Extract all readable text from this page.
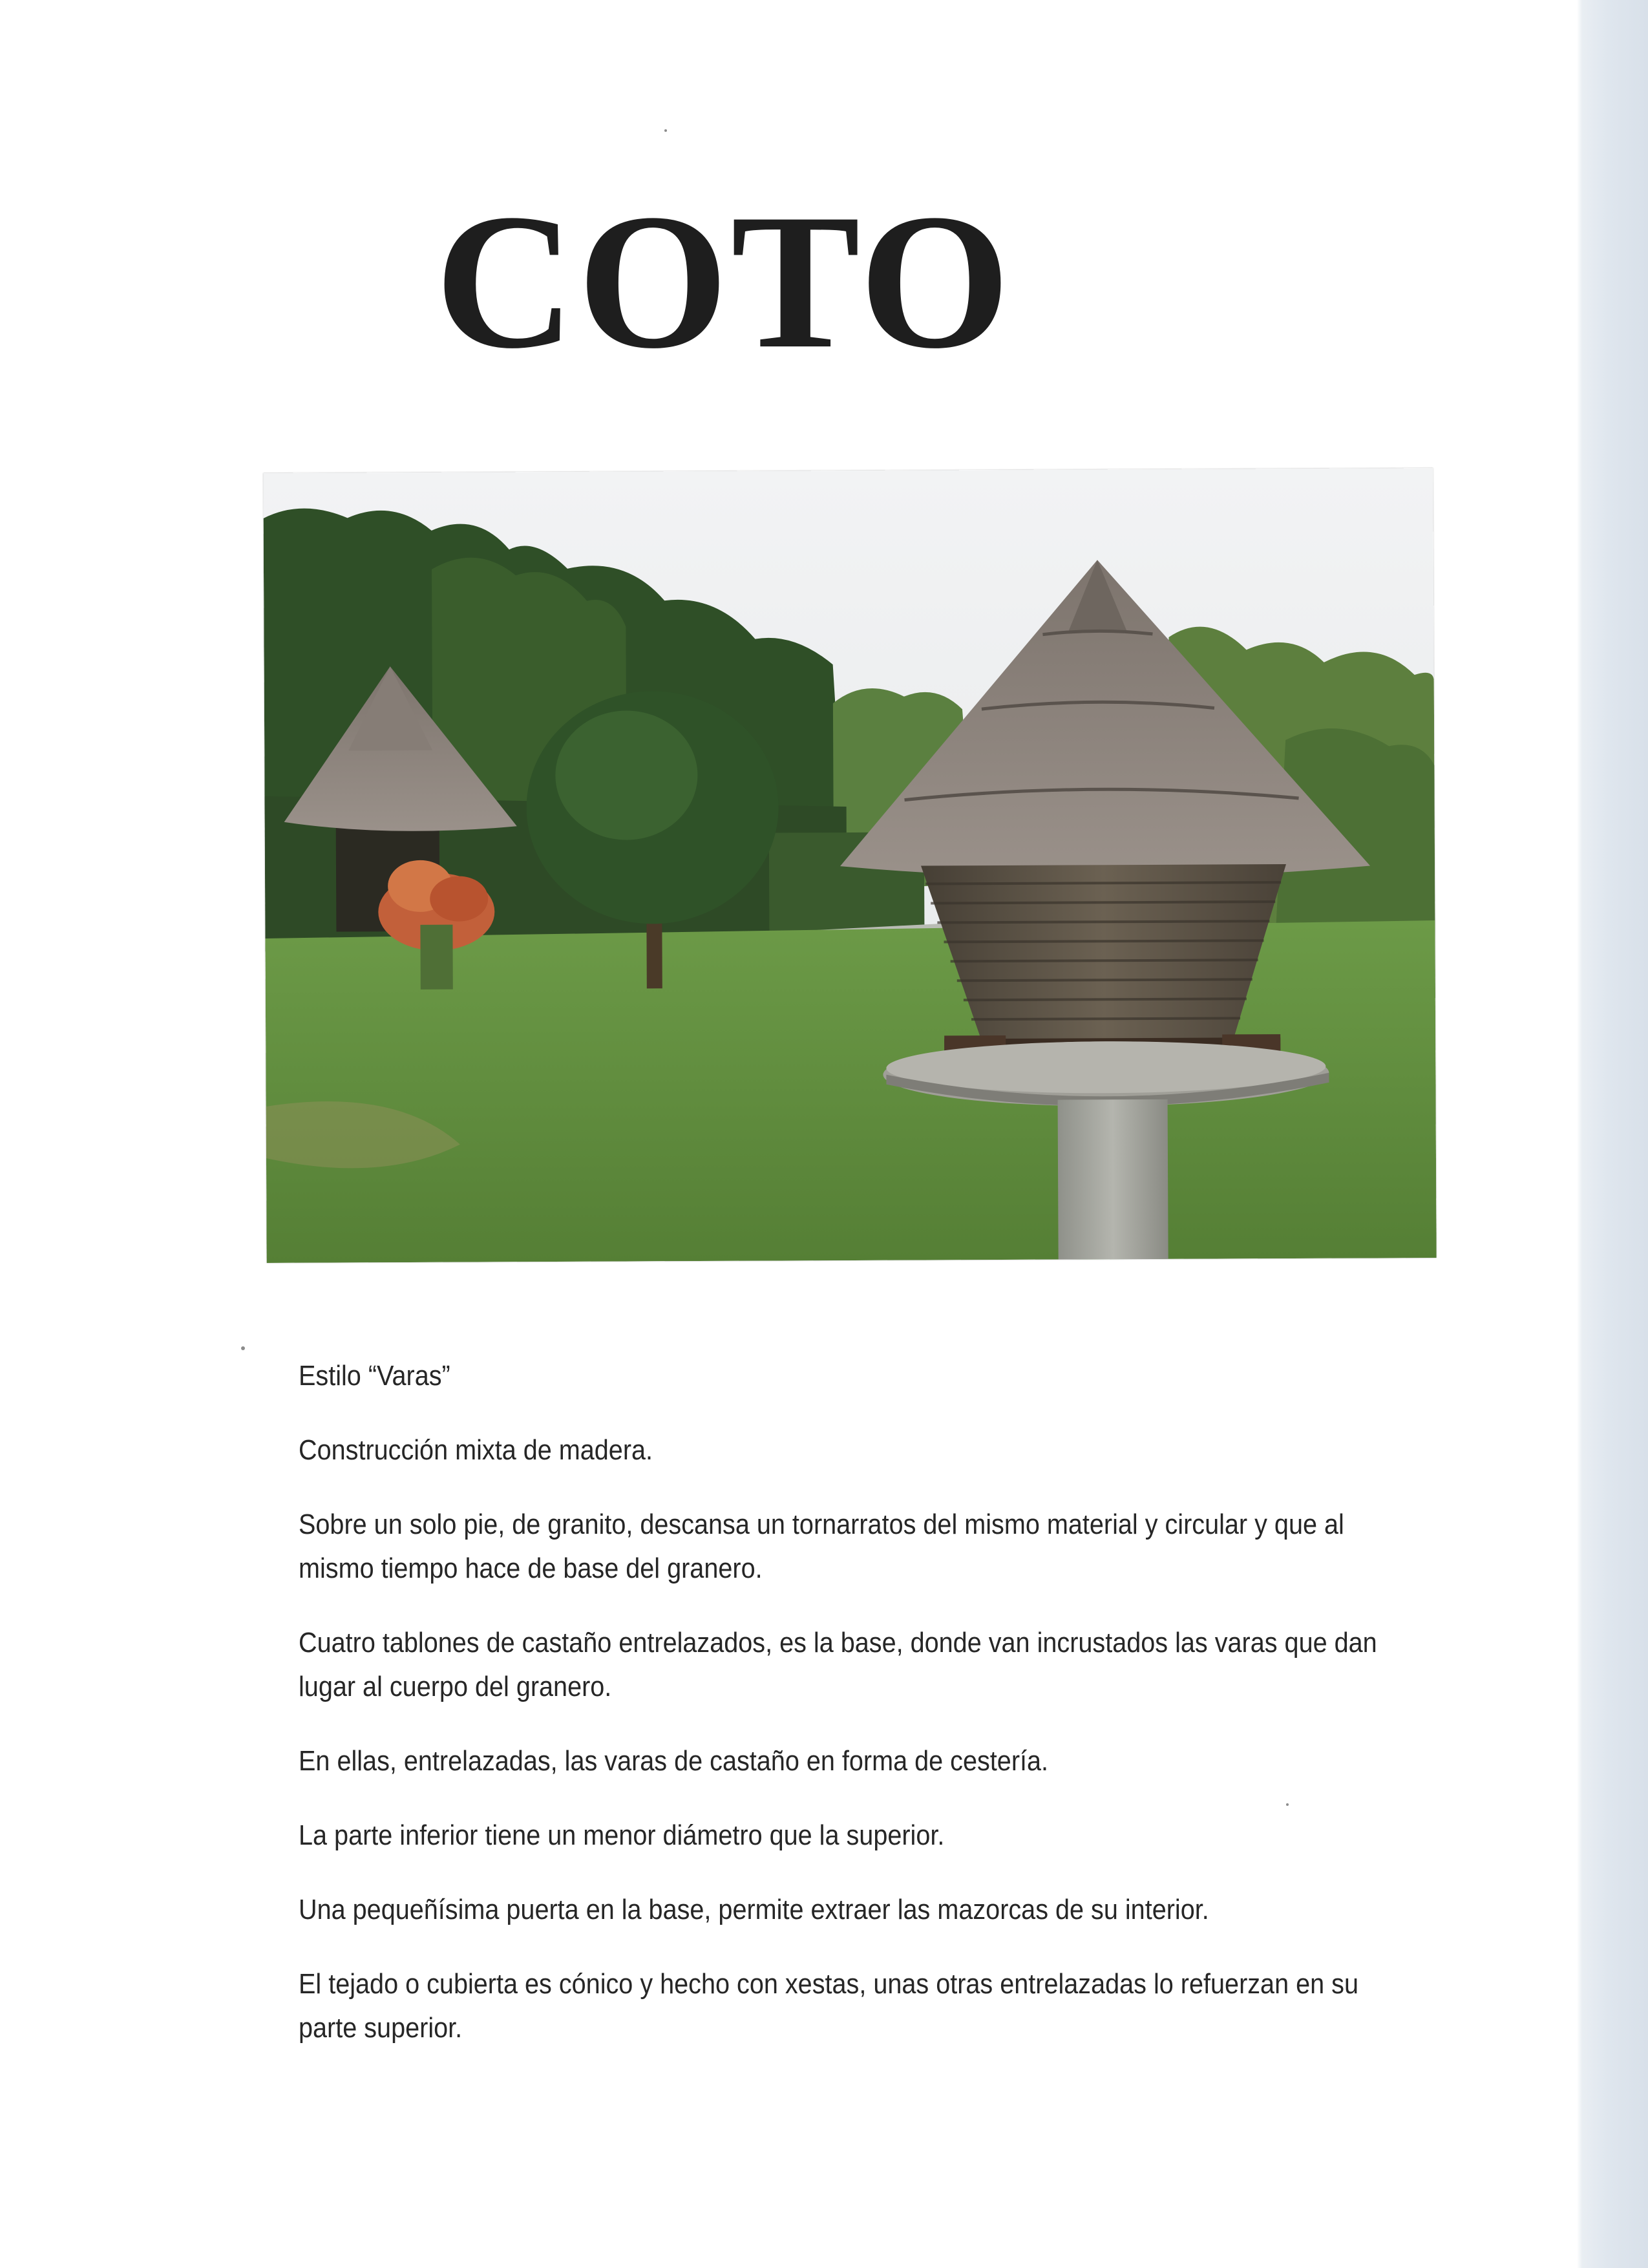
COTO

Estilo “Varas”

Construcción mixta de madera.

Sobre un solo pie, de granito, descansa un tornarratos del mismo material y circular y que al mismo tiempo hace de base del granero.

Cuatro tablones de castaño entrelazados, es la base, donde van incrustados las varas que dan lugar al cuerpo del granero.

En ellas, entrelazadas, las varas de castaño en forma de cestería.

La parte inferior tiene un menor diámetro que la superior.

Una pequeñísima puerta en la base, permite extraer las mazorcas de su interior.

El tejado o cubierta es cónico y hecho con xestas, unas otras entrelazadas lo refuerzan en su parte superior.
